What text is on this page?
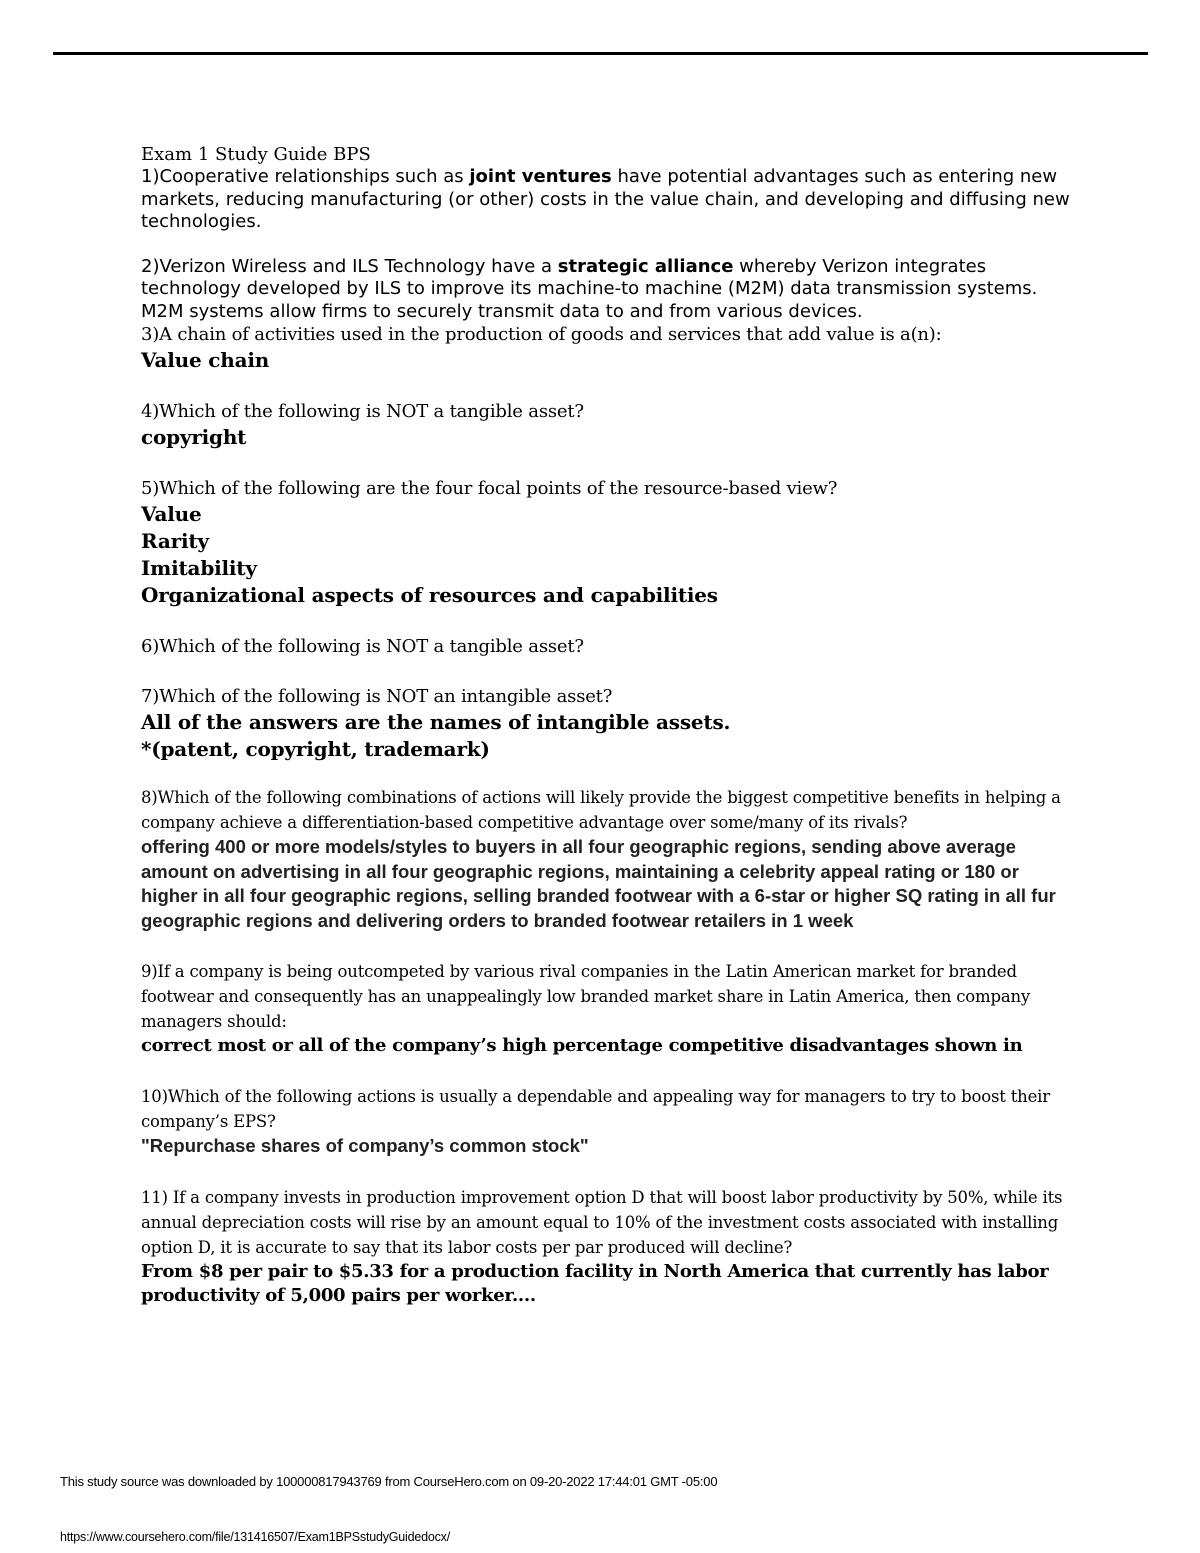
Exam 1 Study Guide BPS
1)Cooperative relationships such as joint ventures have potential advantages such as entering new markets, reducing manufacturing (or other) costs in the value chain, and developing and diffusing new technologies.
2)Verizon Wireless and ILS Technology have a strategic alliance whereby Verizon integrates technology developed by ILS to improve its machine-to machine (M2M) data transmission systems. M2M systems allow firms to securely transmit data to and from various devices.
3)A chain of activities used in the production of goods and services that add value is a(n):
Value chain
4)Which of the following is NOT a tangible asset?
copyright
5)Which of the following are the four focal points of the resource-based view?
Value
Rarity
Imitability
Organizational aspects of resources and capabilities
6)Which of the following is NOT a tangible asset?
7)Which of the following is NOT an intangible asset?
All of the answers are the names of intangible assets.
*(patent, copyright, trademark)
8)Which of the following combinations of actions will likely provide the biggest competitive benefits in helping a company achieve a differentiation-based competitive advantage over some/many of its rivals?
offering 400 or more models/styles to buyers in all four geographic regions, sending above average amount on advertising in all four geographic regions, maintaining a celebrity appeal rating or 180 or higher in all four geographic regions, selling branded footwear with a 6-star or higher SQ rating in all fur geographic regions and delivering orders to branded footwear retailers in 1 week
9)If a company is being outcompeted by various rival companies in the Latin American market for branded footwear and consequently has an unappealingly low branded market share in Latin America, then company managers should:
correct most or all of the company’s high percentage competitive disadvantages shown in
10)Which of the following actions is usually a dependable and appealing way for managers to try to boost their company’s EPS?
"Repurchase shares of company’s common stock"
11) If a company invests in production improvement option D that will boost labor productivity by 50%, while its annual depreciation costs will rise by an amount equal to 10% of the investment costs associated with installing option D, it is accurate to say that its labor costs per par produced will decline?
From $8 per pair to $5.33 for a production facility in North America that currently has labor productivity of 5,000 pairs per worker....
This study source was downloaded by 100000817943769 from CourseHero.com on 09-20-2022 17:44:01 GMT -05:00
https://www.coursehero.com/file/131416507/Exam1BPSstudyGuidedocx/
